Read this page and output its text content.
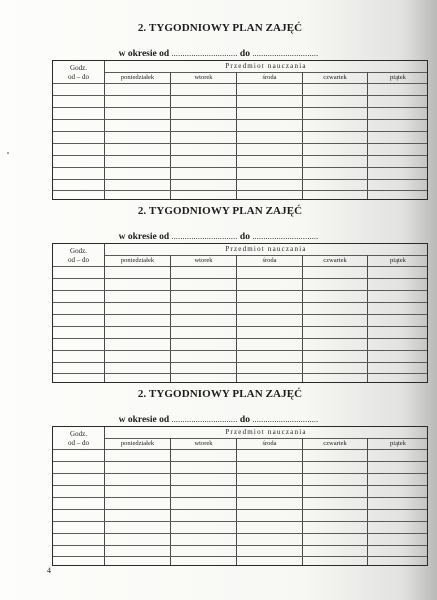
2. TYGODNIOWY PLAN ZAJĘĆ
w okresie od .............................. do ..............................
Godz.
od – do
Przedmiot nauczania
poniedziałek	wtorek	środa	czwartek	piątek
2. TYGODNIOWY PLAN ZAJĘĆ
w okresie od .............................. do ..............................
Godz.
od – do
Przedmiot nauczania
poniedziałek	wtorek	środa	czwartek	piątek
2. TYGODNIOWY PLAN ZAJĘĆ
w okresie od .............................. do ..............................
Godz.
od – do
Przedmiot nauczania
poniedziałek	wtorek	środa	czwartek	piątek
4
